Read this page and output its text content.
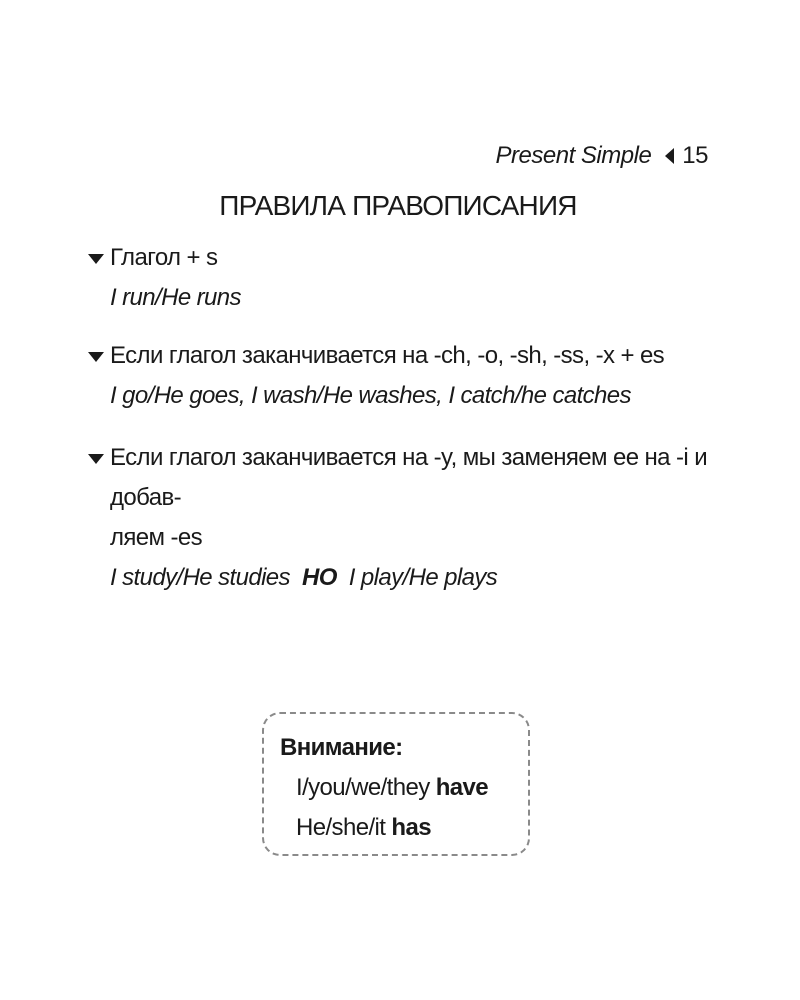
Present Simple 15
ПРАВИЛА ПРАВОПИСАНИЯ
Глагол + s
I run/He runs
Если глагол заканчивается на -ch, -o, -sh, -ss, -x + es
I go/He goes, I wash/He washes, I catch/he catches
Если глагол заканчивается на -y, мы заменяем ее на -i и добав-
ляем -es
I study/He studies НО I play/He plays
Внимание:
I/you/we/they have
He/she/it has
